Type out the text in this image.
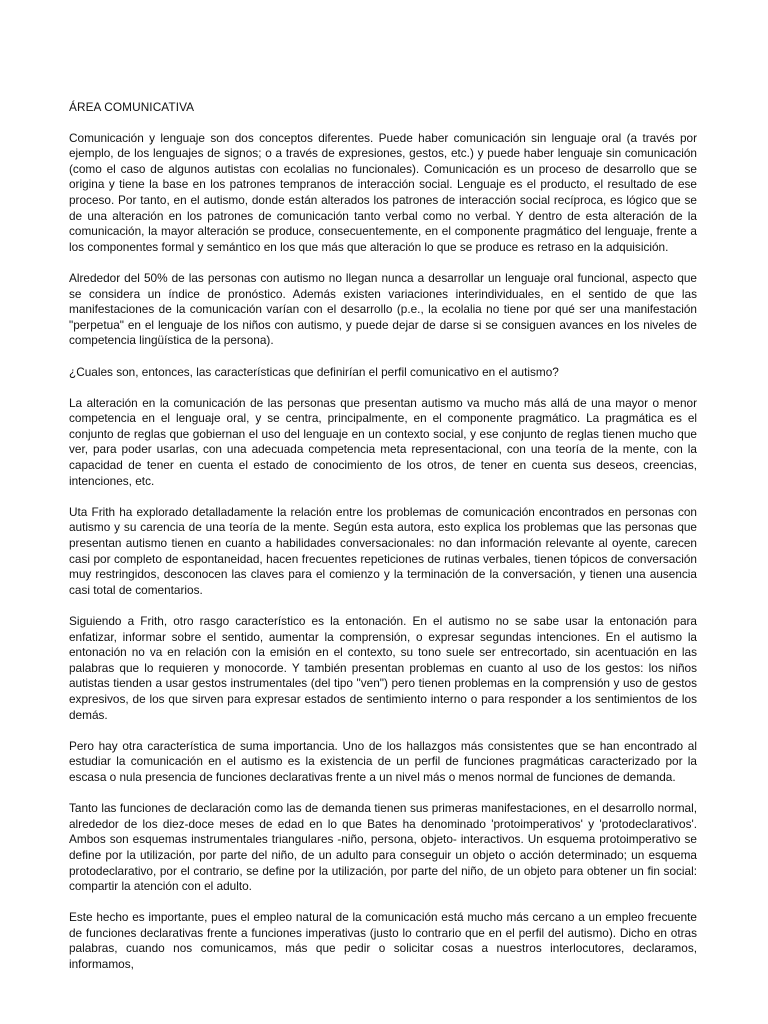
ÁREA COMUNICATIVA

Comunicación y lenguaje son dos conceptos diferentes. Puede haber comunicación sin lenguaje oral (a través por ejemplo, de los lenguajes de signos; o a través de expresiones, gestos, etc.) y puede haber lenguaje sin comunicación (como el caso de algunos autistas con ecolalias no funcionales). Comunicación es un proceso de desarrollo que se origina y tiene la base en los patrones tempranos de interacción social. Lenguaje es el producto, el resultado de ese proceso. Por tanto, en el autismo, donde están alterados los patrones de interacción social recíproca, es lógico que se de una alteración en los patrones de comunicación tanto verbal como no verbal. Y dentro de esta alteración de la comunicación, la mayor alteración se produce, consecuentemente, en el componente pragmático del lenguaje, frente a los componentes formal y semántico en los que más que alteración lo que se produce es retraso en la adquisición.

Alrededor del 50% de las personas con autismo no llegan nunca a desarrollar un lenguaje oral funcional, aspecto que se considera un índice de pronóstico. Además existen variaciones interindividuales, en el sentido de que las manifestaciones de la comunicación varían con el desarrollo (p.e., la ecolalia no tiene por qué ser una manifestación "perpetua" en el lenguaje de los niños con autismo, y puede dejar de darse si se consiguen avances en los niveles de competencia lingüística de la persona).

¿Cuales son, entonces, las características que definirían el perfil comunicativo en el autismo?

La alteración en la comunicación de las personas que presentan autismo va mucho más allá de una mayor o menor competencia en el lenguaje oral, y se centra, principalmente, en el componente pragmático. La pragmática es el conjunto de reglas que gobiernan el uso del lenguaje en un contexto social, y ese conjunto de reglas tienen mucho que ver, para poder usarlas, con una adecuada competencia meta representacional, con una teoría de la mente, con la capacidad de tener en cuenta el estado de conocimiento de los otros, de tener en cuenta sus deseos, creencias, intenciones, etc.

Uta Frith ha explorado detalladamente la relación entre los problemas de comunicación encontrados en personas con autismo y su carencia de una teoría de la mente. Según esta autora, esto explica los problemas que las personas que presentan autismo tienen en cuanto a habilidades conversacionales: no dan información relevante al oyente, carecen casi por completo de espontaneidad, hacen frecuentes repeticiones de rutinas verbales, tienen tópicos de conversación muy restringidos, desconocen las claves para el comienzo y la terminación de la conversación, y tienen una ausencia casi total de comentarios.

Siguiendo a Frith, otro rasgo característico es la entonación. En el autismo no se sabe usar la entonación para enfatizar, informar sobre el sentido, aumentar la comprensión, o expresar segundas intenciones. En el autismo la entonación no va en relación con la emisión en el contexto, su tono suele ser entrecortado, sin acentuación en las palabras que lo requieren y monocorde. Y también presentan problemas en cuanto al uso de los gestos: los niños autistas tienden a usar gestos instrumentales (del tipo "ven") pero tienen problemas en la comprensión y uso de gestos expresivos, de los que sirven para expresar estados de sentimiento interno o para responder a los sentimientos de los demás.

Pero hay otra característica de suma importancia. Uno de los hallazgos más consistentes que se han encontrado al estudiar la comunicación en el autismo es la existencia de un perfil de funciones pragmáticas caracterizado por la escasa o nula presencia de funciones declarativas frente a un nivel más o menos normal de funciones de demanda.

Tanto las funciones de declaración como las de demanda tienen sus primeras manifestaciones, en el desarrollo normal, alrededor de los diez-doce meses de edad en lo que Bates ha denominado 'protoimperativos' y 'protodeclarativos'. Ambos son esquemas instrumentales triangulares -niño, persona, objeto- interactivos. Un esquema protoimperativo se define por la utilización, por parte del niño, de un adulto para conseguir un objeto o acción determinado; un esquema protodeclarativo, por el contrario, se define por la utilización, por parte del niño, de un objeto para obtener un fin social: compartir la atención con el adulto.

Este hecho es importante, pues el empleo natural de la comunicación está mucho más cercano a un empleo frecuente de funciones declarativas frente a funciones imperativas (justo lo contrario que en el perfil del autismo). Dicho en otras palabras, cuando nos comunicamos, más que pedir o solicitar cosas a nuestros interlocutores, declaramos, informamos,
